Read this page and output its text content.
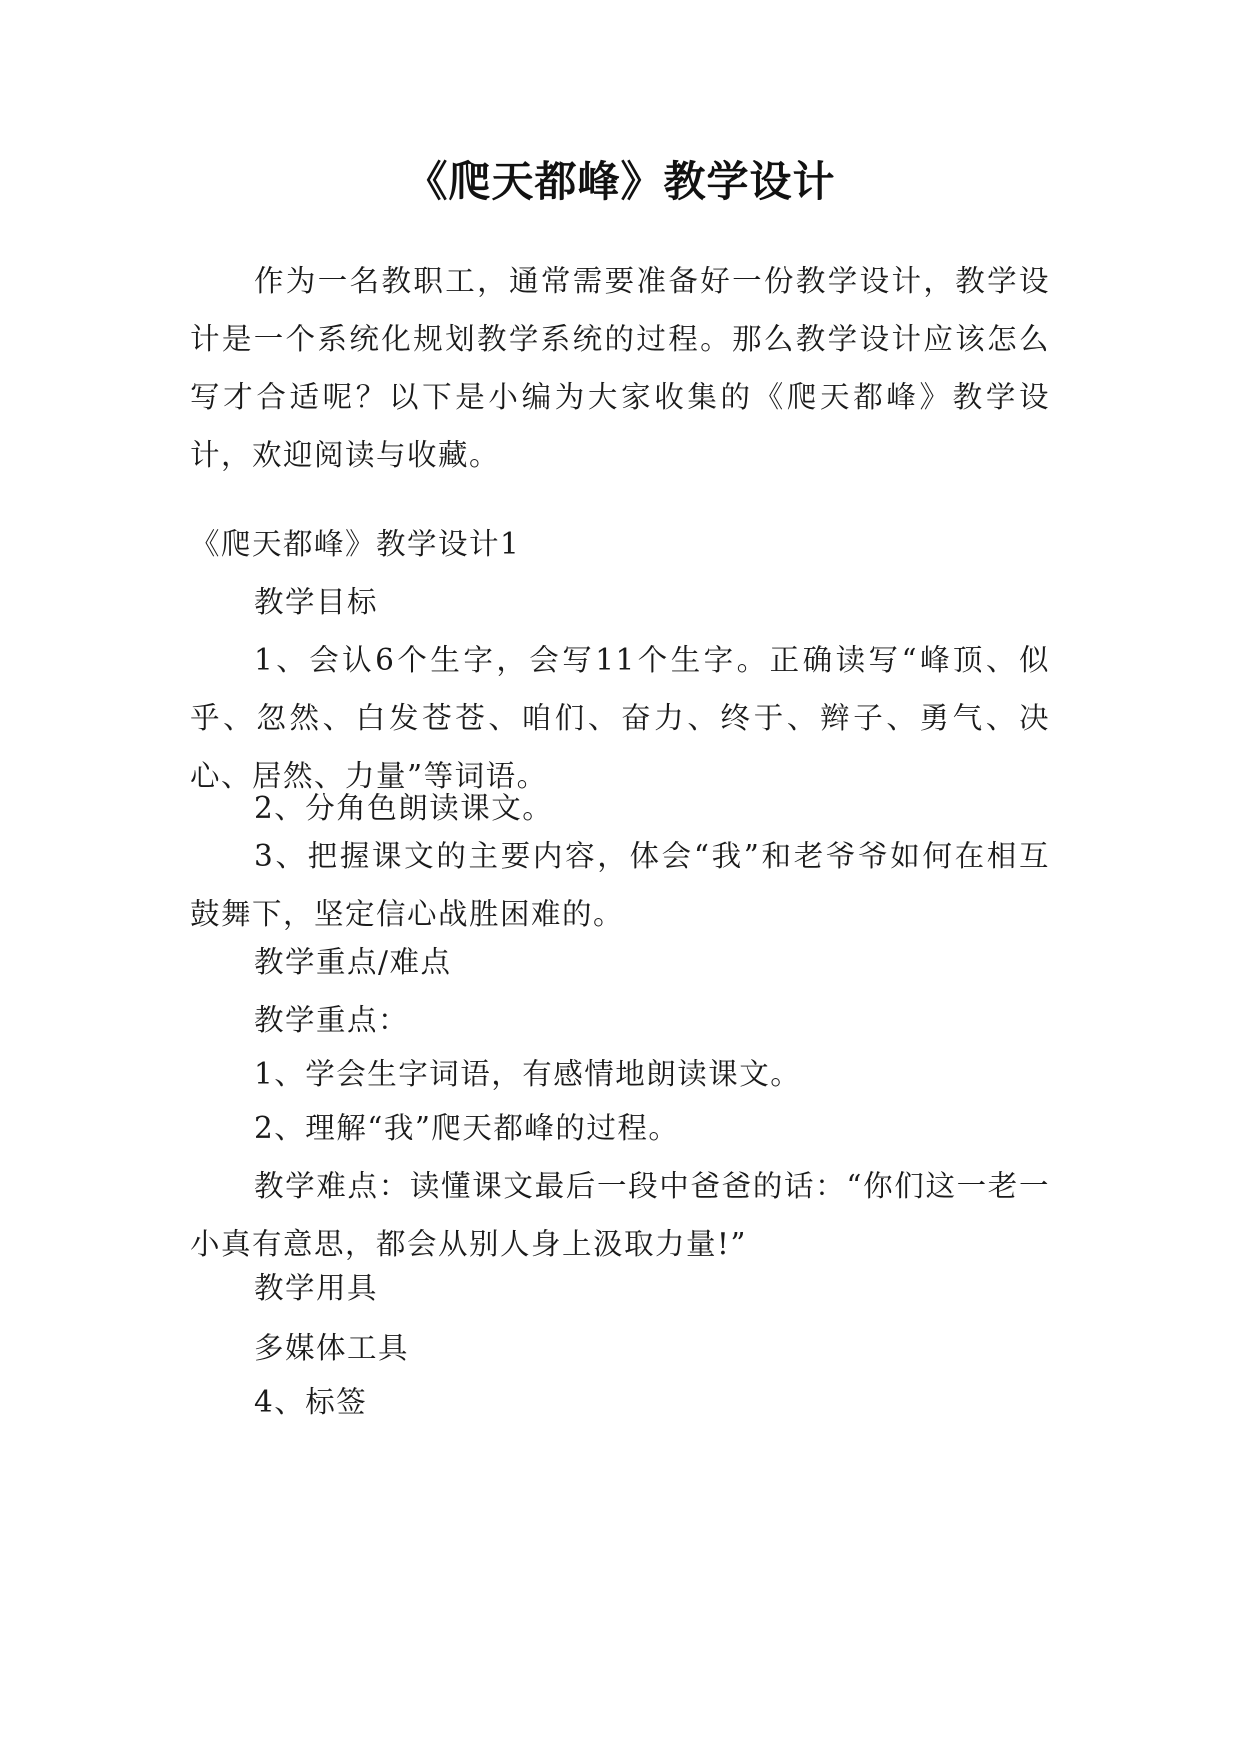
《爬天都峰》教学设计

作为一名教职工，通常需要准备好一份教学设计，教学设计是一个系统化规划教学系统的过程。那么教学设计应该怎么写才合适呢？以下是小编为大家收集的《爬天都峰》教学设计，欢迎阅读与收藏。

《爬天都峰》教学设计1

教学目标

1、会认6个生字，会写11个生字。正确读写“峰顶、似乎、忽然、白发苍苍、咱们、奋力、终于、辫子、勇气、决心、居然、力量”等词语。

2、分角色朗读课文。

3、把握课文的主要内容，体会“我”和老爷爷如何在相互鼓舞下，坚定信心战胜困难的。

教学重点/难点

教学重点：

1、学会生字词语，有感情地朗读课文。

2、理解“我”爬天都峰的过程。

教学难点：读懂课文最后一段中爸爸的话：“你们这一老一小真有意思，都会从别人身上汲取力量!”

教学用具

多媒体工具

4、标签
